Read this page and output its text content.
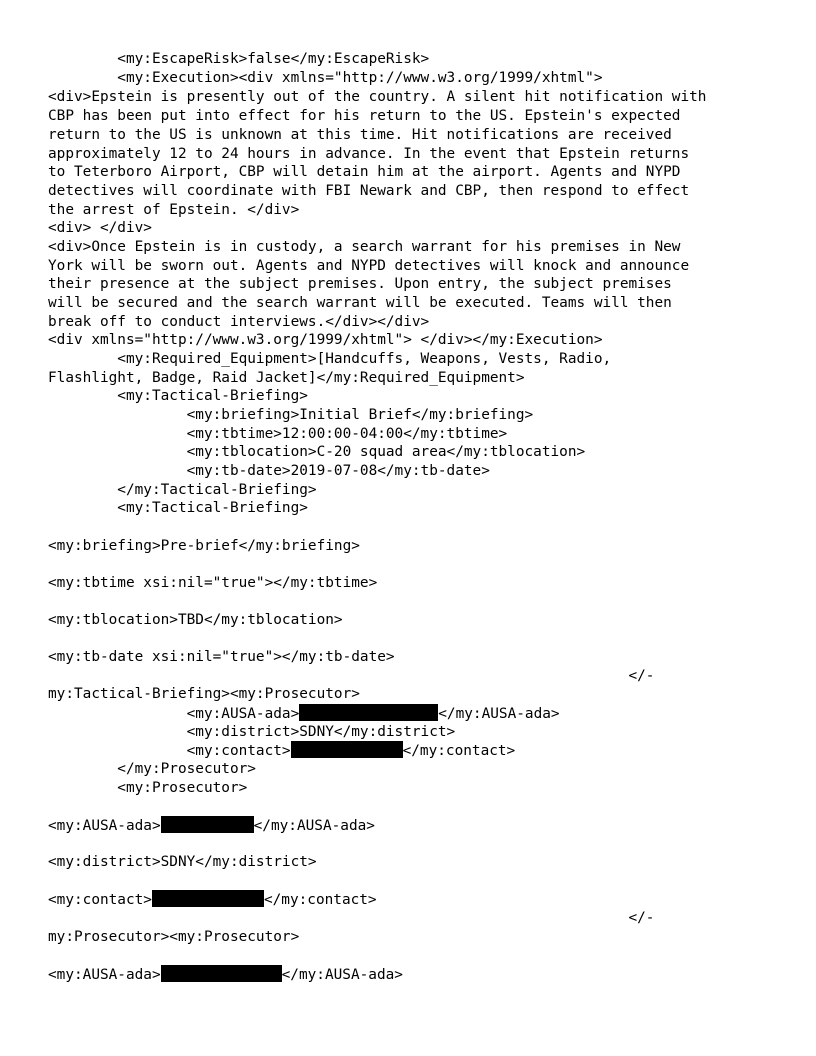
<my:EscapeRisk>false</my:EscapeRisk>
<my:Execution><div xmlns="http://www.w3.org/1999/xhtml">
<div>Epstein is presently out of the country. A silent hit notification with
CBP has been put into effect for his return to the US. Epstein's expected
return to the US is unknown at this time. Hit notifications are received
approximately 12 to 24 hours in advance. In the event that Epstein returns
to Teterboro Airport, CBP will detain him at the airport. Agents and NYPD
detectives will coordinate with FBI Newark and CBP, then respond to effect
the arrest of Epstein. </div>
<div> </div>
<div>Once Epstein is in custody, a search warrant for his premises in New
York will be sworn out. Agents and NYPD detectives will knock and announce
their presence at the subject premises. Upon entry, the subject premises
will be secured and the search warrant will be executed. Teams will then
break off to conduct interviews.</div></div>
<div xmlns="http://www.w3.org/1999/xhtml"> </div></my:Execution>
<my:Required_Equipment>[Handcuffs, Weapons, Vests, Radio,
Flashlight, Badge, Raid Jacket]</my:Required_Equipment>
<my:Tactical-Briefing>
<my:briefing>Initial Brief</my:briefing>
<my:tbtime>12:00:00-04:00</my:tbtime>
<my:tblocation>C-20 squad area</my:tblocation>
<my:tb-date>2019-07-08</my:tb-date>
</my:Tactical-Briefing>
<my:Tactical-Briefing>
<my:briefing>Pre-brief</my:briefing>
<my:tbtime xsi:nil="true"></my:tbtime>
<my:tblocation>TBD</my:tblocation>
<my:tb-date xsi:nil="true"></my:tb-date>
</-
my:Tactical-Briefing><my:Prosecutor>
<my:AUSA-ada>	</my:AUSA-ada>
<my:district>SDNY</my:district>
<my:contact>	</my:contact>
</my:Prosecutor>
<my:Prosecutor>
<my:AUSA-ada>	</my:AUSA-ada>
<my:district>SDNY</my:district>
<my:contact>	</my:contact>
</-
my:Prosecutor><my:Prosecutor>
<my:AUSA-ada>	</my:AUSA-ada>
